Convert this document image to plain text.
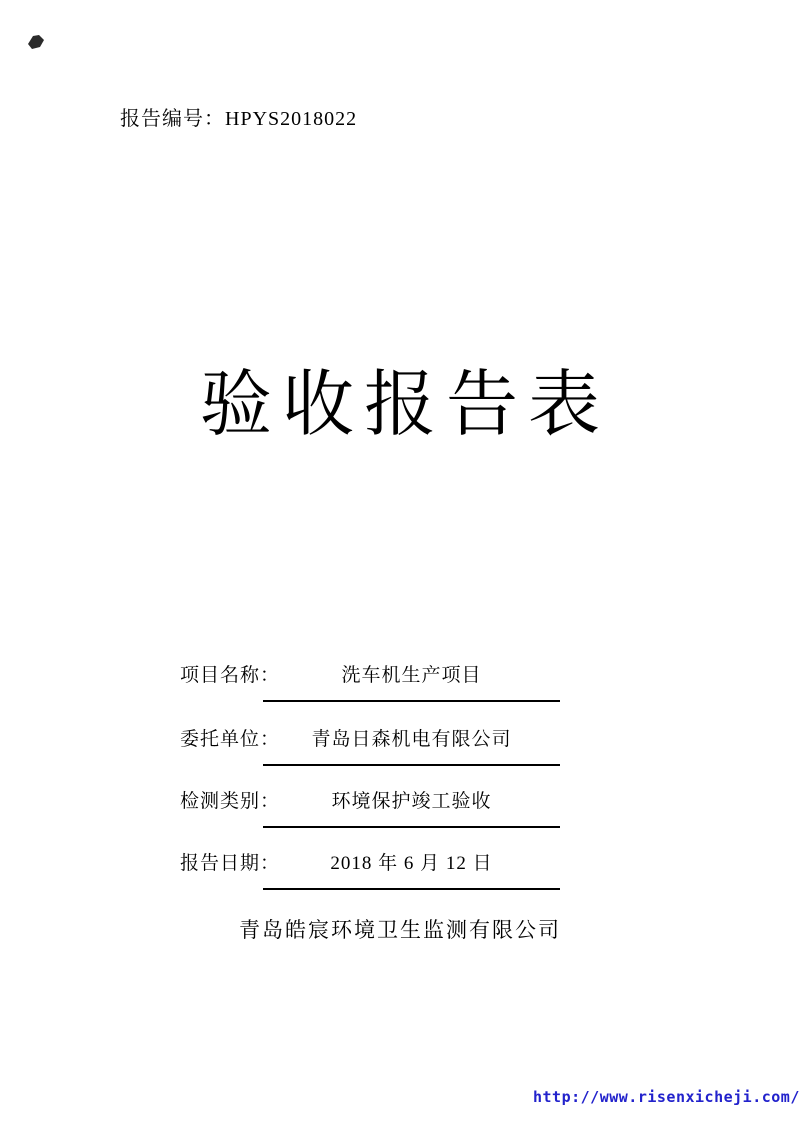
报告编号：HPYS2018022
验收报告表
项目名称：	洗车机生产项目
委托单位：	青岛日森机电有限公司
检测类别：	环境保护竣工验收
报告日期：	2018 年 6 月 12 日
青岛皓宸环境卫生监测有限公司
http://www.risenxicheji.com/
